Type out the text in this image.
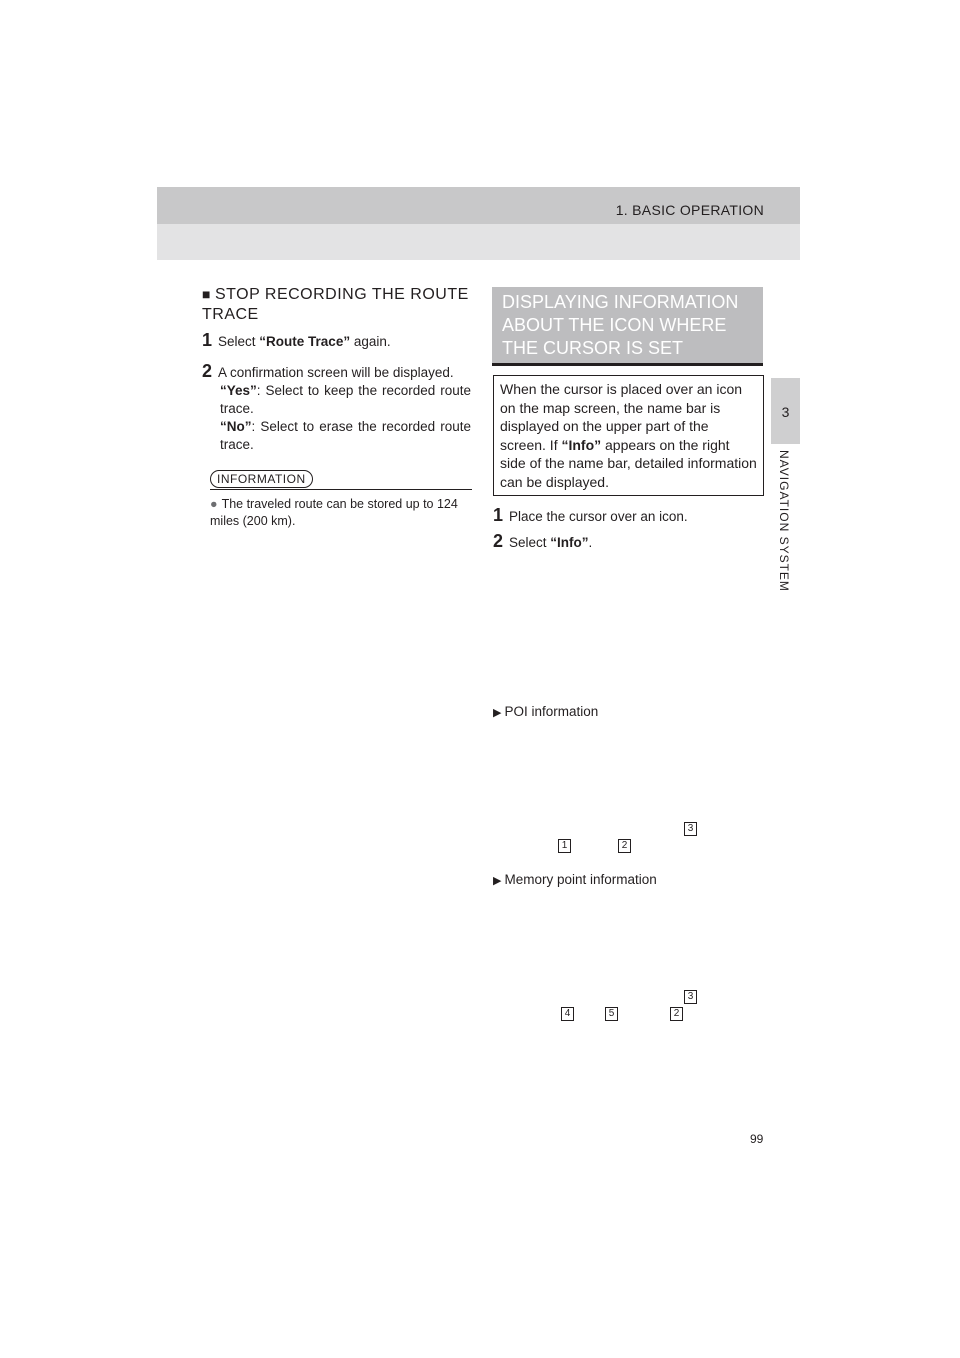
1. BASIC OPERATION
3
NAVIGATION SYSTEM
■ STOP RECORDING THE ROUTE TRACE
1 Select “Route Trace” again.
2 A confirmation screen will be displayed.
“Yes”: Select to keep the recorded route trace.
“No”: Select to erase the recorded route trace.
INFORMATION
● The traveled route can be stored up to 124 miles (200 km).
DISPLAYING INFORMATION ABOUT THE ICON WHERE THE CURSOR IS SET
When the cursor is placed over an icon on the map screen, the name bar is displayed on the upper part of the screen. If “Info” appears on the right side of the name bar, detailed information can be displayed.
1 Place the cursor over an icon.
2 Select “Info”.
▶ POI information
3
1	2
▶ Memory point information
3
4	5	2
99
